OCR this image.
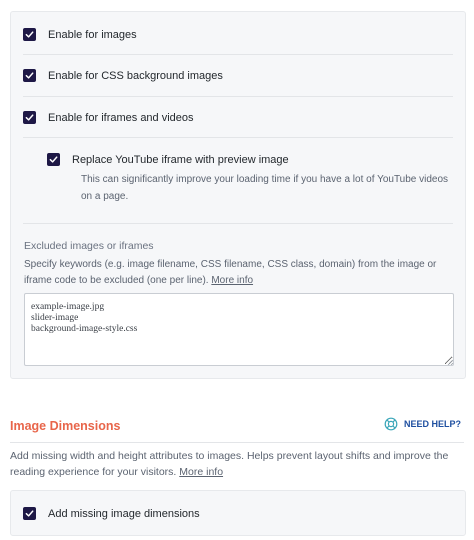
Enable for images
Enable for CSS background images
Enable for iframes and videos
Replace YouTube iframe with preview image
This can significantly improve your loading time if you have a lot of YouTube videos on a page.
Excluded images or iframes
Specify keywords (e.g. image filename, CSS filename, CSS class, domain) from the image or iframe code to be excluded (one per line). More info
example-image.jpg
slider-image
background-image-style.css
Image Dimensions	NEED HELP?
Add missing width and height attributes to images. Helps prevent layout shifts and improve the reading experience for your visitors. More info
Add missing image dimensions
